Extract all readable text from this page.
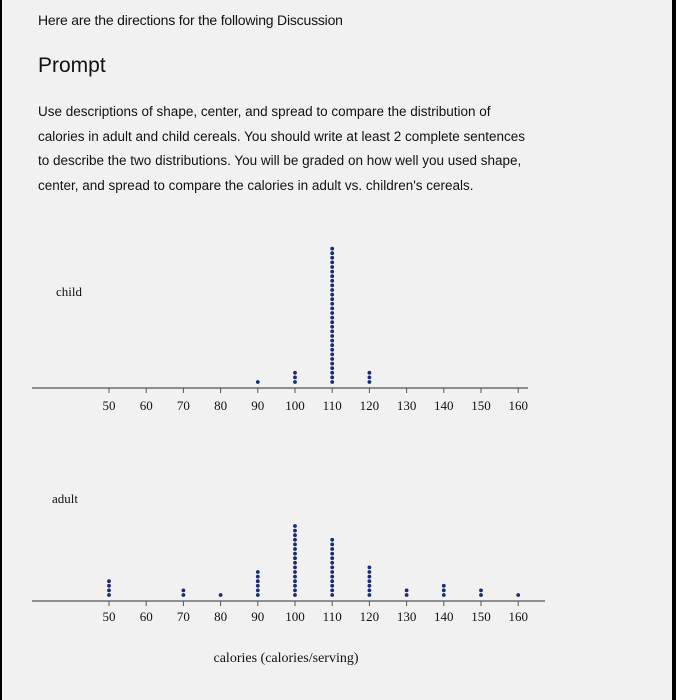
Here are the directions for the following Discussion
Prompt
Use descriptions of shape, center, and spread to compare the distribution of
calories in adult and child cereals. You should write at least 2 complete sentences
to describe the two distributions. You will be graded on how well you used shape,
center, and spread to compare the calories in adult vs. children's cereals.
child
50 60 70 80 90 100 110 120 130 140 150 160
adult
calories (calories/serving)
50 60 70 80 90 100 110 120 130 140 150 160
